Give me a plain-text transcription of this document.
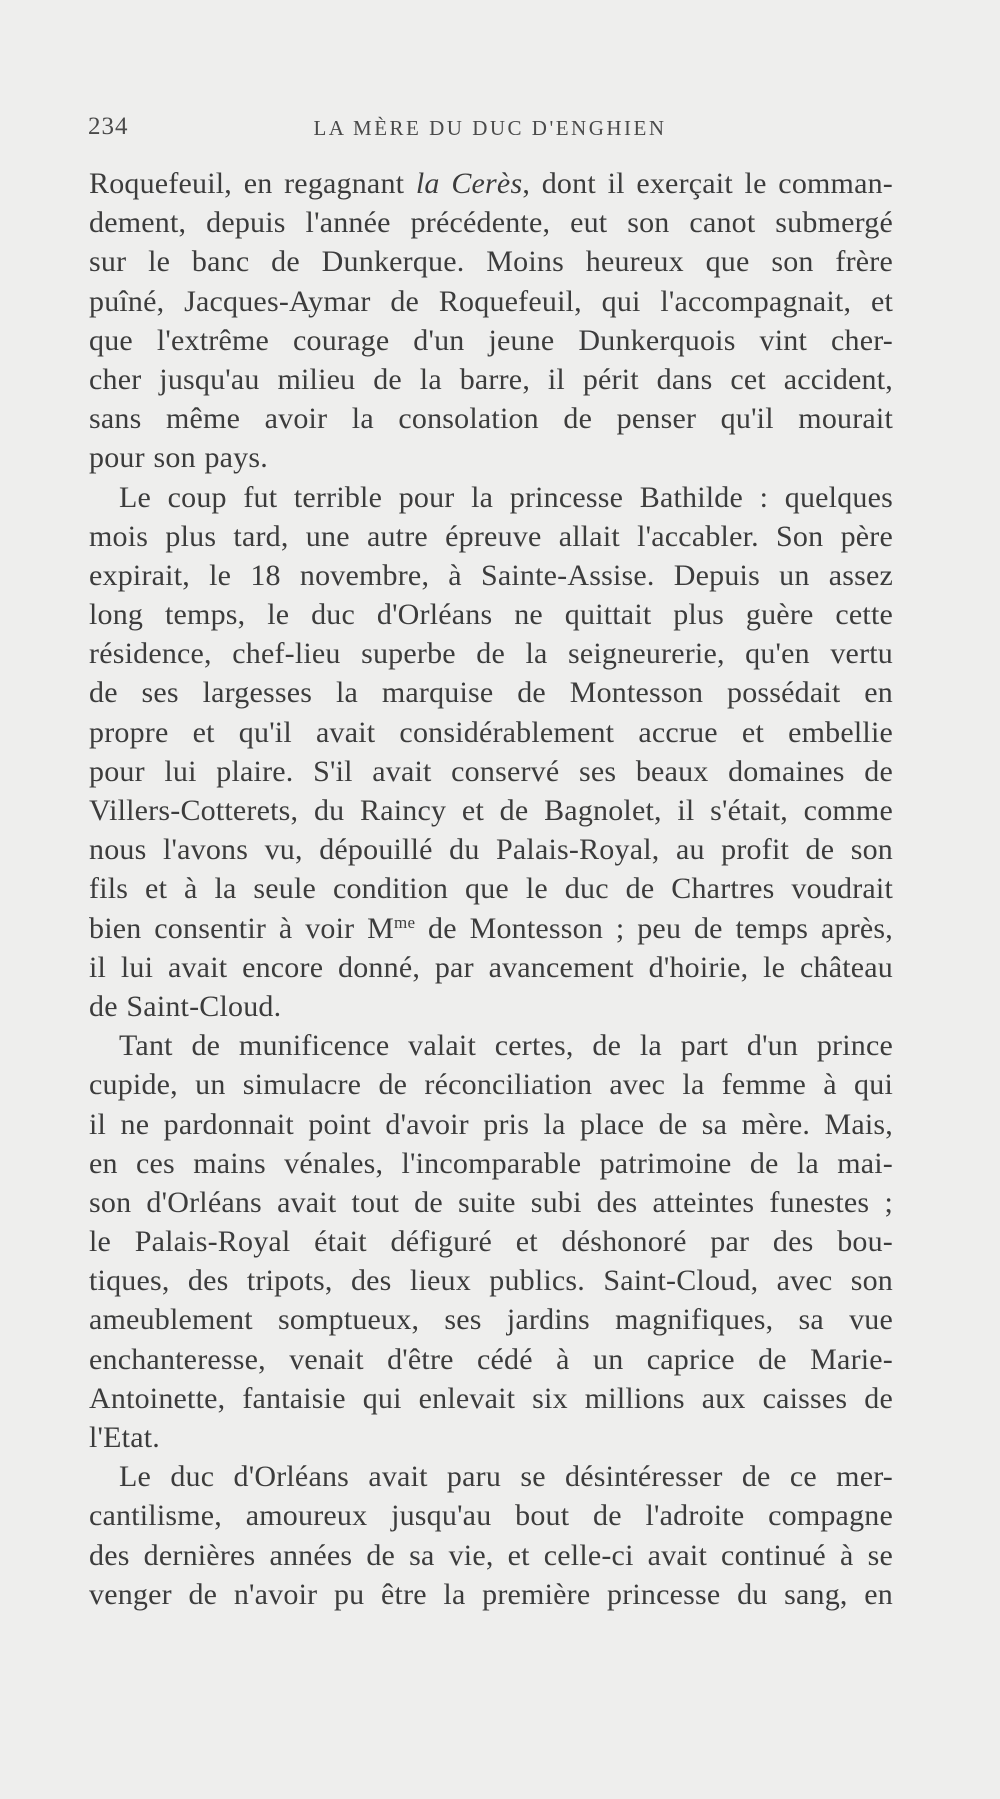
234	LA MÈRE DU DUC D'ENGHIEN
Roquefeuil, en regagnant la Cerès, dont il exerçait le comman-
dement, depuis l'année précédente, eut son canot submergé
sur le banc de Dunkerque. Moins heureux que son frère
puîné, Jacques-Aymar de Roquefeuil, qui l'accompagnait, et
que l'extrême courage d'un jeune Dunkerquois vint cher-
cher jusqu'au milieu de la barre, il périt dans cet accident,
sans même avoir la consolation de penser qu'il mourait
pour son pays.
Le coup fut terrible pour la princesse Bathilde : quelques
mois plus tard, une autre épreuve allait l'accabler. Son père
expirait, le 18 novembre, à Sainte-Assise. Depuis un assez
long temps, le duc d'Orléans ne quittait plus guère cette
résidence, chef-lieu superbe de la seigneurerie, qu'en vertu
de ses largesses la marquise de Montesson possédait en
propre et qu'il avait considérablement accrue et embellie
pour lui plaire. S'il avait conservé ses beaux domaines de
Villers-Cotterets, du Raincy et de Bagnolet, il s'était, comme
nous l'avons vu, dépouillé du Palais-Royal, au profit de son
fils et à la seule condition que le duc de Chartres voudrait
bien consentir à voir $M^{me}$ de Montesson ; peu de temps après,
il lui avait encore donné, par avancement d'hoirie, le château
de Saint-Cloud.
Tant de munificence valait certes, de la part d'un prince
cupide, un simulacre de réconciliation avec la femme à qui
il ne pardonnait point d'avoir pris la place de sa mère. Mais,
en ces mains vénales, l'incomparable patrimoine de la mai-
son d'Orléans avait tout de suite subi des atteintes funestes ;
le Palais-Royal était défiguré et déshonoré par des bou-
tiques, des tripots, des lieux publics. Saint-Cloud, avec son
ameublement somptueux, ses jardins magnifiques, sa vue
enchanteresse, venait d'être cédé à un caprice de Marie-
Antoinette, fantaisie qui enlevait six millions aux caisses de
l'Etat.
Le duc d'Orléans avait paru se désintéresser de ce mer-
cantilisme, amoureux jusqu'au bout de l'adroite compagne
des dernières années de sa vie, et celle-ci avait continué à se
venger de n'avoir pu être la première princesse du sang, en
